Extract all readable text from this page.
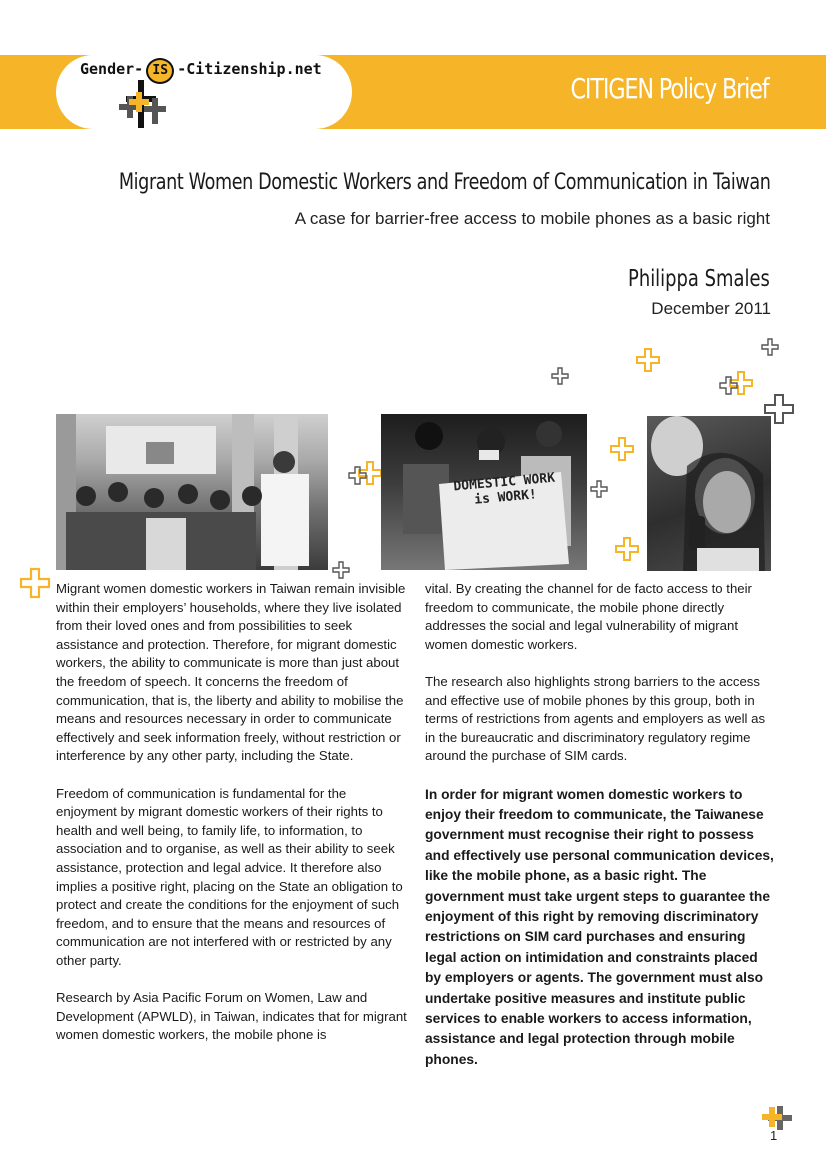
Gender- IS -Citizenship.net
CITIGEN Policy Brief
Migrant Women Domestic Workers and Freedom of Communication in Taiwan
A case for barrier-free access to mobile phones as a basic right
Philippa Smales
December 2011
DOMESTIC WORK is WORK!

Migrant women domestic workers in Taiwan remain invisible within their employers’ households, where they live isolated from their loved ones and from possibilities to seek assistance and protection. Therefore, for migrant domestic workers, the ability to communicate is more than just about the freedom of speech. It concerns the freedom of communication, that is, the liberty and ability to mobilise the means and resources necessary in order to communicate effectively and seek information freely, without restriction or interference by any other party, including the State.

Freedom of communication is fundamental for the enjoyment by migrant domestic workers of their rights to health and well being, to family life, to information, to association and to organise, as well as their ability to seek assistance, protection and legal advice. It therefore also implies a positive right, placing on the State an obligation to protect and create the conditions for the enjoyment of such freedom, and to ensure that the means and resources of communication are not interfered with or restricted by any other party.

Research by Asia Pacific Forum on Women, Law and Development (APWLD), in Taiwan, indicates that for migrant women domestic workers, the mobile phone is

vital. By creating the channel for de facto access to their freedom to communicate, the mobile phone directly addresses the social and legal vulnerability of migrant women domestic workers.

The research also highlights strong barriers to the access and effective use of mobile phones by this group, both in terms of restrictions from agents and employers as well as in the bureaucratic and discriminatory regulatory regime around the purchase of SIM cards.

In order for migrant women domestic workers to enjoy their freedom to communicate, the Taiwanese government must recognise their right to possess and effectively use personal communication devices, like the mobile phone, as a basic right. The government must take urgent steps to guarantee the enjoyment of this right by removing discriminatory restrictions on SIM card purchases and ensuring legal action on intimidation and constraints placed by employers or agents. The government must also undertake positive measures and institute public services to enable workers to access information, assistance and legal protection through mobile phones.

1
